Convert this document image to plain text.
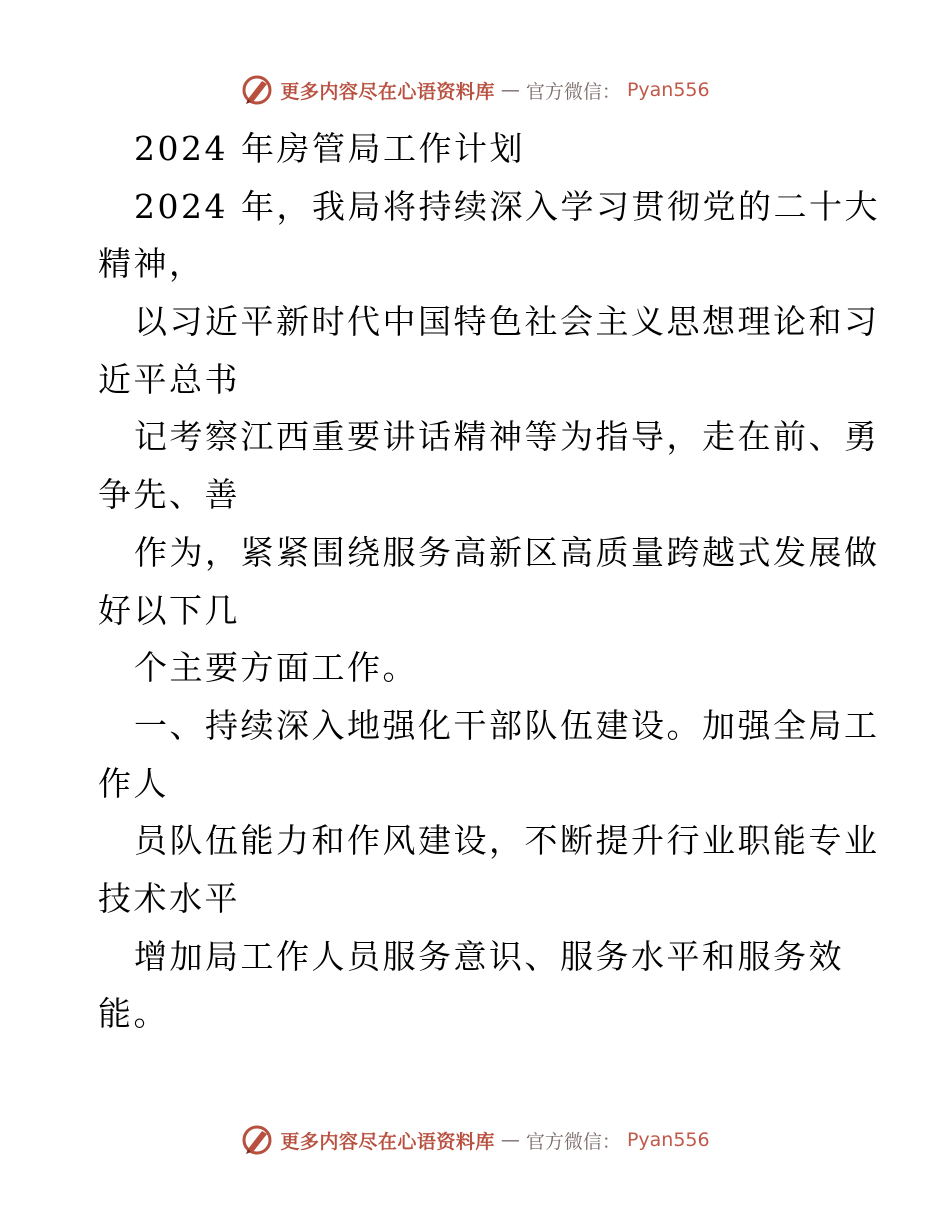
更多内容尽在心语资料库 — 官方微信： Pyan556
2024 年房管局工作计划
2024 年，我局将持续深入学习贯彻党的二十大
精神，
以习近平新时代中国特色社会主义思想理论和习
近平总书
记考察江西重要讲话精神等为指导，走在前、勇
争先、善
作为，紧紧围绕服务高新区高质量跨越式发展做
好以下几
个主要方面工作。
一、持续深入地强化干部队伍建设。加强全局工
作人
员队伍能力和作风建设，不断提升行业职能专业
技术水平
增加局工作人员服务意识、服务水平和服务效
能。
更多内容尽在心语资料库 — 官方微信： Pyan556
